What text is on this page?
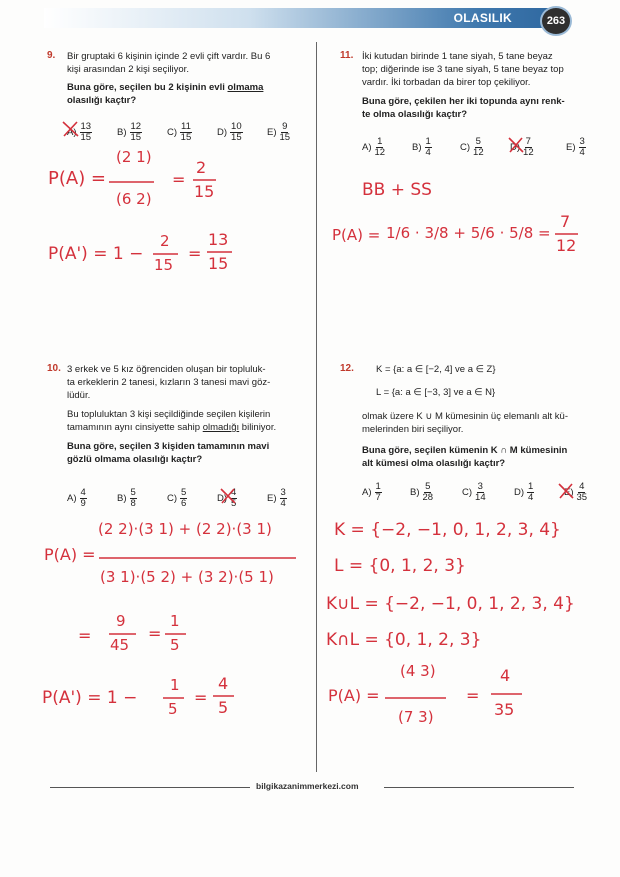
OLASILIK	263
9. Bir gruptaki 6 kişinin içinde 2 evli çift vardır. Bu 6
kişi arasından 2 kişi seçiliyor.
Buna göre, seçilen bu 2 kişinin evli olmama
olasılığı kaçtır?
$A) \frac{13}{15}$	$B) \frac{12}{15}$	$C) \frac{11}{15}$	$D) \frac{10}{15}$	$E) \frac{9}{15}$
P(A) =
(2 1)
(6 2)
=
2
15
P(A') = 1 −
2
15
=
13
15
10. 3 erkek ve 5 kız öğrenciden oluşan bir topluluk-
ta erkeklerin 2 tanesi, kızların 3 tanesi mavi göz-
lüdür.
Bu topluluktan 3 kişi seçildiğinde seçilen kişilerin
tamamının aynı cinsiyette sahip olmadığı biliniyor.
Buna göre, seçilen 3 kişiden tamamının mavi
gözlü olmama olasılığı kaçtır?
$A) \frac{4}{9}$	$B) \frac{5}{8}$	$C) \frac{5}{6}$	$D) \frac{4}{5}$	$E) \frac{3}{4}$
P(A) =
(2 2)·(3 1) + (2 2)·(3 1)
(3 1)·(5 2) + (3 2)·(5 1)
=
9
45
=
1
5
P(A') = 1 −
1
5
=
4
5
11. İki kutudan birinde 1 tane siyah, 5 tane beyaz
top; diğerinde ise 3 tane siyah, 5 tane beyaz top
vardır. İki torbadan da birer top çekiliyor.
Buna göre, çekilen her iki topunda aynı renk-
te olma olasılığı kaçtır?
$A) \frac{1}{12}$	$B) \frac{1}{4}$	$C) \frac{5}{12}$	$D) \frac{7}{12}$	$E) \frac{3}{4}$
BB + SS
P(A) = 1/6 · 3/8 + 5/6 · 5/8 =
7
12
12. K = {a: a ∈ [−2, 4] ve a ∈ Z}
L = {a: a ∈ [−3, 3] ve a ∈ N}
olmak üzere K ∪ M kümesinin üç elemanlı alt kü-
melerinden biri seçiliyor.
Buna göre, seçilen kümenin K ∩ M kümesinin
alt kümesi olma olasılığı kaçtır?
$A) \frac{1}{7}$	$B) \frac{5}{28}$	$C) \frac{3}{14}$	$D) \frac{1}{4}$	$E) \frac{4}{35}$
K = {−2, −1, 0, 1, 2, 3, 4}
L = {0, 1, 2, 3}
K∪L = {−2, −1, 0, 1, 2, 3, 4}
K∩L = {0, 1, 2, 3}
P(A) =
(4 3)
(7 3)
=
4
35
bilgikazanimmerkezi.com
